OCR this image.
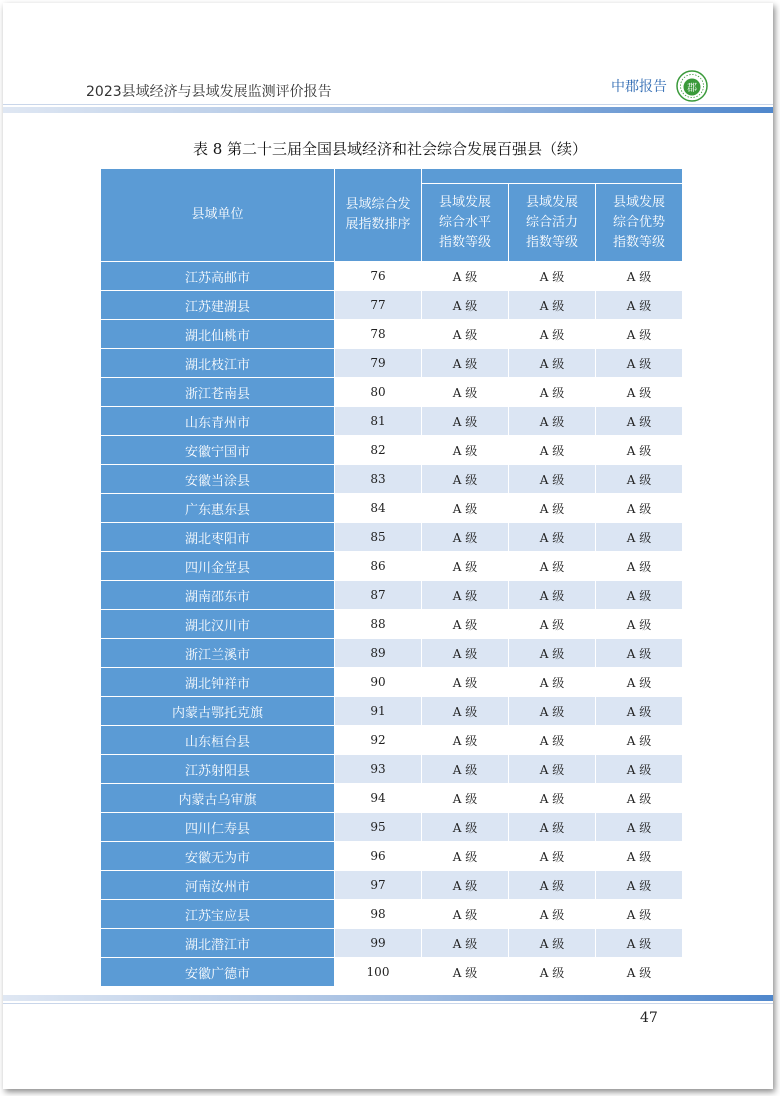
2023县域经济与县域发展监测评价报告	中郡报告 郡
表 8 第二十三届全国县域经济和社会综合发展百强县（续）
县域单位	县域综合发展指数排序			

		县域发展综合水平指数等级	县域发展综合活力指数等级	县域发展综合优势指数等级

江苏高邮市	76	A 级	A 级	A 级
江苏建湖县	77	A 级	A 级	A 级
湖北仙桃市	78	A 级	A 级	A 级
湖北枝江市	79	A 级	A 级	A 级
浙江苍南县	80	A 级	A 级	A 级
山东青州市	81	A 级	A 级	A 级
安徽宁国市	82	A 级	A 级	A 级
安徽当涂县	83	A 级	A 级	A 级
广东惠东县	84	A 级	A 级	A 级
湖北枣阳市	85	A 级	A 级	A 级
四川金堂县	86	A 级	A 级	A 级
湖南邵东市	87	A 级	A 级	A 级
湖北汉川市	88	A 级	A 级	A 级
浙江兰溪市	89	A 级	A 级	A 级
湖北钟祥市	90	A 级	A 级	A 级
内蒙古鄂托克旗	91	A 级	A 级	A 级
山东桓台县	92	A 级	A 级	A 级
江苏射阳县	93	A 级	A 级	A 级
内蒙古乌审旗	94	A 级	A 级	A 级
四川仁寿县	95	A 级	A 级	A 级
安徽无为市	96	A 级	A 级	A 级
河南汝州市	97	A 级	A 级	A 级
江苏宝应县	98	A 级	A 级	A 级
湖北潜江市	99	A 级	A 级	A 级
安徽广德市	100	A 级	A 级	A 级
47
